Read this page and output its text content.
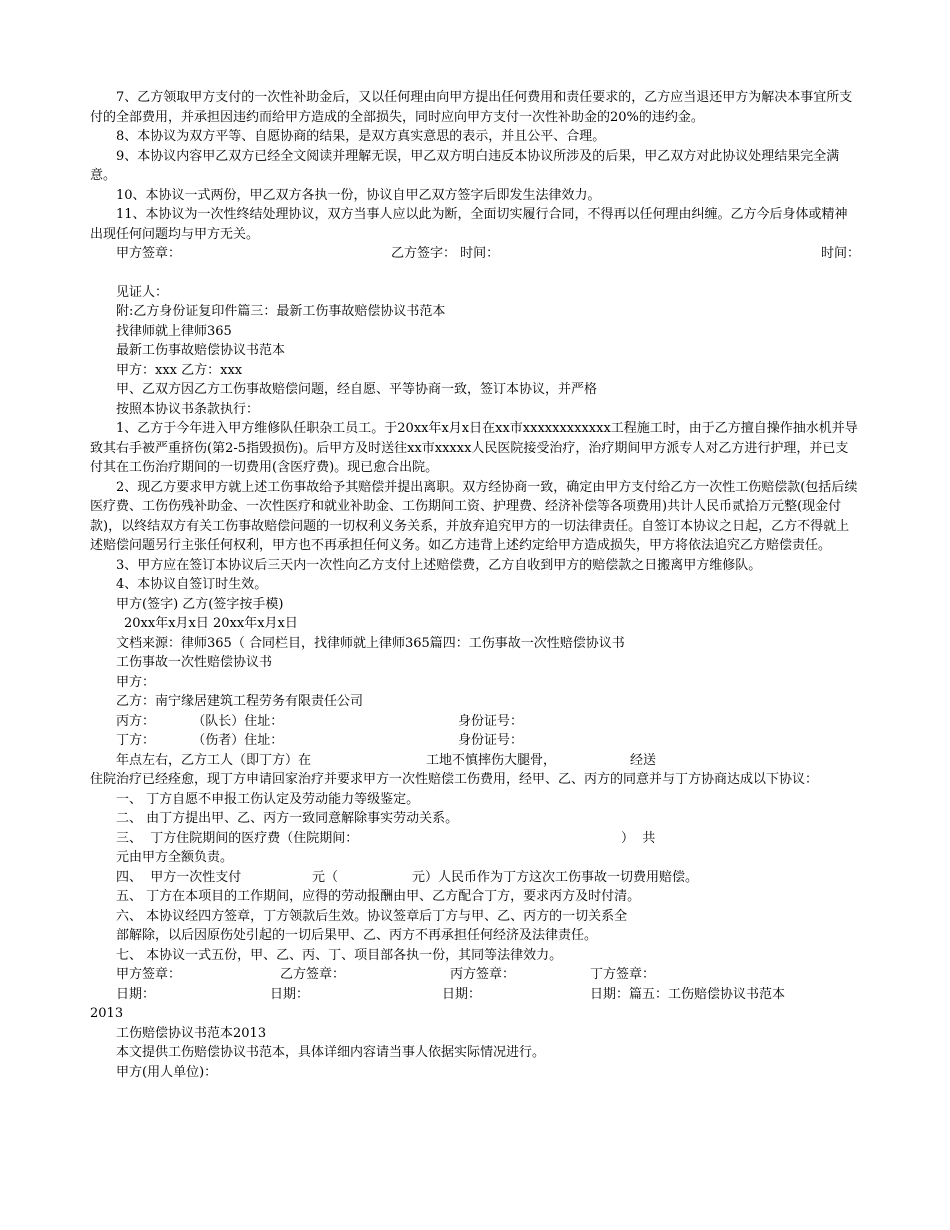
7、乙方领取甲方支付的一次性补助金后，又以任何理由向甲方提出任何费用和责任要求的，乙方应当退还甲方为解决本事宜所支付的全部费用，并承担因违约而给甲方造成的全部损失，同时应向甲方支付一次性补助金的20%的违约金。

8、本协议为双方平等、自愿协商的结果，是双方真实意思的表示，并且公平、合理。

9、本协议内容甲乙双方已经全文阅读并理解无误，甲乙双方明白违反本协议所涉及的后果，甲乙双方对此协议处理结果完全满意。

10、本协议一式两份，甲乙双方各执一份，协议自甲乙双方签字后即发生法律效力。

11、本协议为一次性终结处理协议，双方当事人应以此为断，全面切实履行合同，不得再以任何理由纠缠。乙方今后身体或精神出现任何问题均与甲方无关。

甲方签章：	乙方签字： 时间：	时间：

见证人：

附:乙方身份证复印件篇三：最新工伤事故赔偿协议书范本

找律师就上律师365

最新工伤事故赔偿协议书范本

甲方：xxx 乙方：xxx

甲、乙双方因乙方工伤事故赔偿问题，经自愿、平等协商一致，签订本协议，并严格

按照本协议书条款执行：

1、乙方于今年进入甲方维修队任职杂工员工。于20xx年x月x日在xx市xxxxxxxxxxxx工程施工时，由于乙方擅自操作抽水机并导致其右手被严重挤伤(第2-5指毁损伤)。后甲方及时送往xx市xxxxx人民医院接受治疗，治疗期间甲方派专人对乙方进行护理，并已支付其在工伤治疗期间的一切费用(含医疗费)。现已愈合出院。

2、现乙方要求甲方就上述工伤事故给予其赔偿并提出离职。双方经协商一致，确定由甲方支付给乙方一次性工伤赔偿款(包括后续医疗费、工伤伤残补助金、一次性医疗和就业补助金、工伤期间工资、护理费、经济补偿等各项费用)共计人民币贰拾万元整(现金付款)，以终结双方有关工伤事故赔偿问题的一切权利义务关系，并放弃追究甲方的一切法律责任。自签订本协议之日起，乙方不得就上述赔偿问题另行主张任何权利，甲方也不再承担任何义务。如乙方违背上述约定给甲方造成损失，甲方将依法追究乙方赔偿责任。

3、甲方应在签订本协议后三天内一次性向乙方支付上述赔偿费，乙方自收到甲方的赔偿款之日搬离甲方维修队。

4、本协议自签订时生效。

甲方(签字) 乙方(签字按手模)

20xx年x月x日 20xx年x月x日

文档来源：律师365（ 合同栏目，找律师就上律师365篇四：工伤事故一次性赔偿协议书

工伤事故一次性赔偿协议书

甲方：

乙方：南宁缘居建筑工程劳务有限责任公司

丙方：         （队长）住址：	身份证号：
丁方：         （伤者）住址：	身份证号：
年点左右，乙方工人（即丁方）在	工地不慎摔伤大腿骨，	经送

住院治疗已经痊愈，现丁方申请回家治疗并要求甲方一次性赔偿工伤费用，经甲、乙、丙方的同意并与丁方协商达成以下协议：

一、 丁方自愿不申报工伤认定及劳动能力等级鉴定。

二、 由丁方提出甲、乙、丙方一致同意解除事实劳动关系。

三、  丁方住院期间的医疗费（住院期间：	）  共

元由甲方全额负责。

四、  甲方一次性支付	元（	元）人民币作为丁方这次工伤事故一切费用赔偿。

五、 丁方在本项目的工作期间，应得的劳动报酬由甲、乙方配合丁方，要求丙方及时付清。

六、 本协议经四方签章，丁方领款后生效。协议签章后丁方与甲、乙、丙方的一切关系全

部解除，以后因原伤处引起的一切后果甲、乙、丙方不再承担任何经济及法律责任。

七、 本协议一式五份，甲、乙、丙、丁、项目部各执一份，其同等法律效力。

甲方签章：	乙方签章：	丙方签章：	丁方签章：
日期：	日期：	日期：	日期：篇五：工伤赔偿协议书范本

2013

工伤赔偿协议书范本2013

本文提供工伤赔偿协议书范本，具体详细内容请当事人依据实际情况进行。

甲方(用人单位)：
